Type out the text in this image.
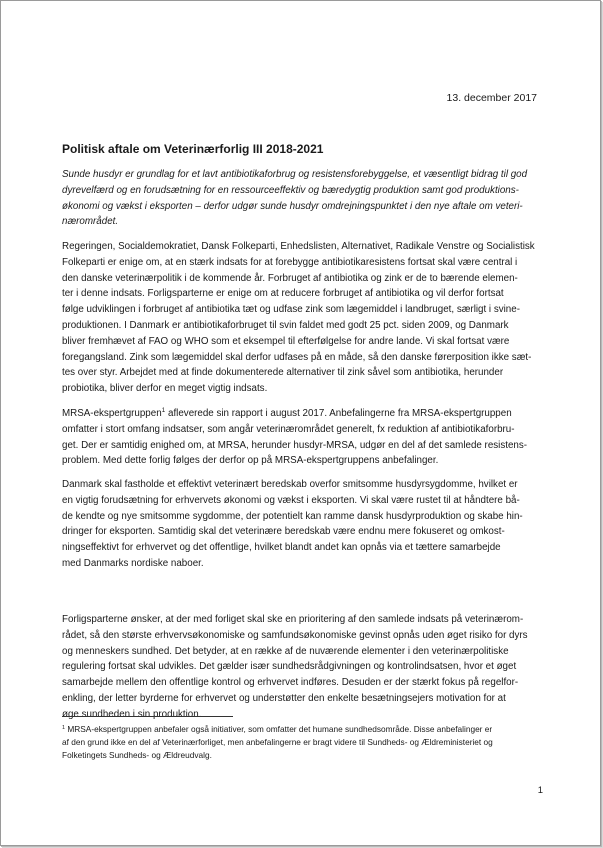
13. december 2017
Politisk aftale om Veterinærforlig III 2018-2021

Sunde husdyr er grundlag for et lavt antibiotikaforbrug og resistensforebyggelse, et væsentligt bidrag til god
dyrevelfærd og en forudsætning for en ressourceeffektiv og bæredygtig produktion samt god produktions-
økonomi og vækst i eksporten – derfor udgør sunde husdyr omdrejningspunktet i den nye aftale om veteri-
nærområdet.

Regeringen, Socialdemokratiet, Dansk Folkeparti, Enhedslisten, Alternativet, Radikale Venstre og Socialistisk
Folkeparti er enige om, at en stærk indsats for at forebygge antibiotikaresistens fortsat skal være central i
den danske veterinærpolitik i de kommende år. Forbruget af antibiotika og zink er de to bærende elemen-
ter i denne indsats. Forligsparterne er enige om at reducere forbruget af antibiotika og vil derfor fortsat
følge udviklingen i forbruget af antibiotika tæt og udfase zink som lægemiddel i landbruget, særligt i svine-
produktionen. I Danmark er antibiotikaforbruget til svin faldet med godt 25 pct. siden 2009, og Danmark
bliver fremhævet af FAO og WHO som et eksempel til efterfølgelse for andre lande. Vi skal fortsat være
foregangsland. Zink som lægemiddel skal derfor udfases på en måde, så den danske førerposition ikke sæt-
tes over styr. Arbejdet med at finde dokumenterede alternativer til zink såvel som antibiotika, herunder
probiotika, bliver derfor en meget vigtig indsats.

MRSA-ekspertgruppen$^1$ afleverede sin rapport i august 2017. Anbefalingerne fra MRSA-ekspertgruppen
omfatter i stort omfang indsatser, som angår veterinærområdet generelt, fx reduktion af antibiotikaforbru-
get. Der er samtidig enighed om, at MRSA, herunder husdyr-MRSA, udgør en del af det samlede resistens-
problem. Med dette forlig følges der derfor op på MRSA-ekspertgruppens anbefalinger.

Danmark skal fastholde et effektivt veterinært beredskab overfor smitsomme husdyrsygdomme, hvilket er
en vigtig forudsætning for erhvervets økonomi og vækst i eksporten. Vi skal være rustet til at håndtere bå-
de kendte og nye smitsomme sygdomme, der potentielt kan ramme dansk husdyrproduktion og skabe hin-
dringer for eksporten. Samtidig skal det veterinære beredskab være endnu mere fokuseret og omkost-
ningseffektivt for erhvervet og det offentlige, hvilket blandt andet kan opnås via et tættere samarbejde
med Danmarks nordiske naboer.

Forligsparterne ønsker, at der med forliget skal ske en prioritering af den samlede indsats på veterinærom-
rådet, så den største erhvervsøkonomiske og samfundsøkonomiske gevinst opnås uden øget risiko for dyrs
og menneskers sundhed. Det betyder, at en række af de nuværende elementer i den veterinærpolitiske
regulering fortsat skal udvikles. Det gælder især sundhedsrådgivningen og kontrolindsatsen, hvor et øget
samarbejde mellem den offentlige kontrol og erhvervet indføres. Desuden er der stærkt fokus på regelfor-
enkling, der letter byrderne for erhvervet og understøtter den enkelte besætningsejers motivation for at
øge sundheden i sin produktion.

$^1$ MRSA-ekspertgruppen anbefaler også initiativer, som omfatter det humane sundhedsområde. Disse anbefalinger er
af den grund ikke en del af Veterinærforliget, men anbefalingerne er bragt videre til Sundheds- og Ældreministeriet og
Folketingets Sundheds- og Ældreudvalg.

1
